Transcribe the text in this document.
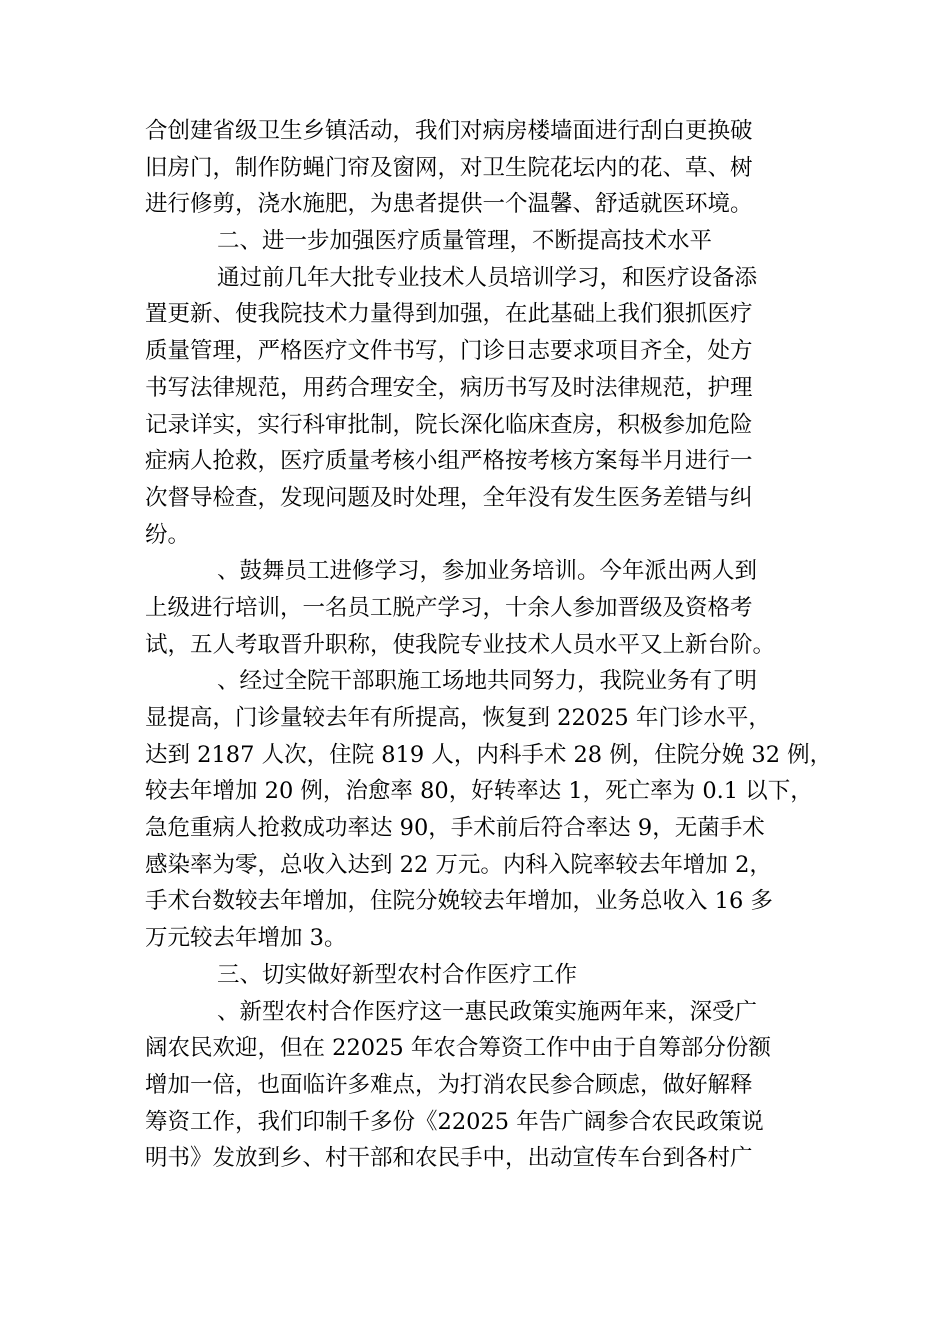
合创建省级卫生乡镇活动，我们对病房楼墙面进行刮白更换破
旧房门，制作防蝇门帘及窗网，对卫生院花坛内的花、草、树
进行修剪，浇水施肥，为患者提供一个温馨、舒适就医环境。
二、进一步加强医疗质量管理，不断提高技术水平
通过前几年大批专业技术人员培训学习，和医疗设备添
置更新、使我院技术力量得到加强，在此基础上我们狠抓医疗
质量管理，严格医疗文件书写，门诊日志要求项目齐全，处方
书写法律规范，用药合理安全，病历书写及时法律规范，护理
记录详实，实行科审批制，院长深化临床查房，积极参加危险
症病人抢救，医疗质量考核小组严格按考核方案每半月进行一
次督导检查，发现问题及时处理，全年没有发生医务差错与纠
纷。
、鼓舞员工进修学习，参加业务培训。今年派出两人到
上级进行培训，一名员工脱产学习，十余人参加晋级及资格考
试，五人考取晋升职称，使我院专业技术人员水平又上新台阶。
、经过全院干部职施工场地共同努力，我院业务有了明
显提高，门诊量较去年有所提高，恢复到 22025 年门诊水平，
达到 2187 人次，住院 819 人，内科手术 28 例，住院分娩 32 例，
较去年增加 20 例，治愈率 80，好转率达 1，死亡率为 0.1 以下，
急危重病人抢救成功率达 90，手术前后符合率达 9，无菌手术
感染率为零，总收入达到 22 万元。内科入院率较去年增加 2，
手术台数较去年增加，住院分娩较去年增加，业务总收入 16 多
万元较去年增加 3。
三、切实做好新型农村合作医疗工作
、新型农村合作医疗这一惠民政策实施两年来，深受广
阔农民欢迎，但在 22025 年农合筹资工作中由于自筹部分份额
增加一倍，也面临许多难点，为打消农民参合顾虑，做好解释
筹资工作，我们印制千多份《22025 年告广阔参合农民政策说
明书》发放到乡、村干部和农民手中，出动宣传车台到各村广
